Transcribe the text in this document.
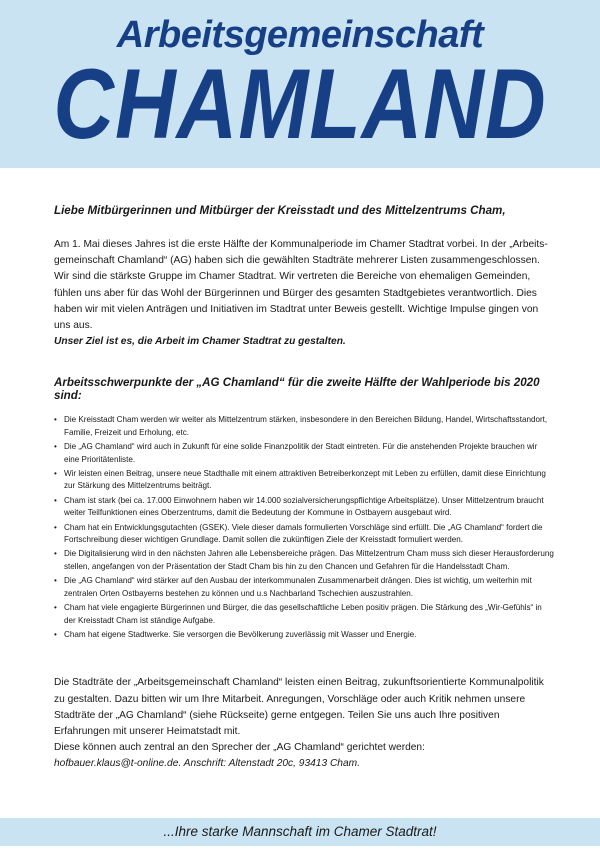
Arbeitsgemeinschaft
CHAMLAND

Liebe Mitbürgerinnen und Mitbürger der Kreisstadt und des Mittelzentrums Cham,

Am 1. Mai dieses Jahres ist die erste Hälfte der Kommunalperiode im Chamer Stadtrat vorbei. In der „Arbeits- gemeinschaft Chamland“ (AG) haben sich die gewählten Stadträte mehrerer Listen zusammengeschlossen. Wir sind die stärkste Gruppe im Chamer Stadtrat. Wir vertreten die Bereiche von ehemaligen Gemeinden, fühlen uns aber für das Wohl der Bürgerinnen und Bürger des gesamten Stadtgebietes verantwortlich. Dies haben wir mit vielen Anträgen und Initiativen im Stadtrat unter Beweis gestellt. Wichtige Impulse gingen von uns aus.

Unser Ziel ist es, die Arbeit im Chamer Stadtrat zu gestalten.

Arbeitsschwerpunkte der „AG Chamland“ für die zweite Hälfte der Wahlperiode bis 2020 sind:

• Die Kreisstadt Cham werden wir weiter als Mittelzentrum stärken, insbesondere in den Bereichen Bildung, Handel, Wirtschaftsstandort, Familie, Freizeit und Erholung, etc.
• Die „AG Chamland“ wird auch in Zukunft für eine solide Finanzpolitik der Stadt eintreten. Für die anstehenden Projekte brauchen wir eine Prioritätenliste.
• Wir leisten einen Beitrag, unsere neue Stadthalle mit einem attraktiven Betreiberkonzept mit Leben zu erfüllen, damit diese Einrichtung zur Stärkung des Mittelzentrums beiträgt.
• Cham ist stark (bei ca. 17.000 Einwohnern haben wir 14.000 sozialversicherungspflichtige Arbeitsplätze). Unser Mittelzentrum braucht weiter Teilfunktionen eines Oberzentrums, damit die Bedeutung der Kommune in Ostbayern ausgebaut wird.
• Cham hat ein Entwicklungsgutachten (GSEK). Viele dieser damals formulierten Vorschläge sind erfüllt. Die „AG Chamland“ fordert die Fortschreibung dieser wichtigen Grundlage. Damit sollen die zukünftigen Ziele der Kreisstadt formuliert werden.
• Die Digitalisierung wird in den nächsten Jahren alle Lebensbereiche prägen. Das Mittelzentrum Cham muss sich dieser Herausforderung stellen, angefangen von der Präsentation der Stadt Cham bis hin zu den Chancen und Gefahren für die Handelsstadt Cham.
• Die „AG Chamland“ wird stärker auf den Ausbau der interkommunalen Zusammenarbeit drängen. Dies ist wichtig, um weiterhin mit zentralen Orten Ostbayerns bestehen zu können und u.s Nachbarland Tschechien auszustrahlen.
• Cham hat viele engagierte Bürgerinnen und Bürger, die das gesellschaftliche Leben positiv prägen. Die Stärkung des „Wir-Gefühls“ in der Kreisstadt Cham ist ständige Aufgabe.
• Cham hat eigene Stadtwerke. Sie versorgen die Bevölkerung zuverlässig mit Wasser und Energie.
Die Stadträte der „Arbeitsgemeinschaft Chamland“ leisten einen Beitrag, zukunftsorientierte Kommunalpolitik zu gestalten. Dazu bitten wir um Ihre Mitarbeit. Anregungen, Vorschläge oder auch Kritik nehmen unsere Stadträte der „AG Chamland“ (siehe Rückseite) gerne entgegen. Teilen Sie uns auch Ihre positiven Erfahrungen mit unserer Heimatstadt mit.
Diese können auch zentral an den Sprecher der „AG Chamland“ gerichtet werden:
hofbauer.klaus@t-online.de. Anschrift: Altenstadt 20c, 93413 Cham.
...Ihre starke Mannschaft im Chamer Stadtrat!
